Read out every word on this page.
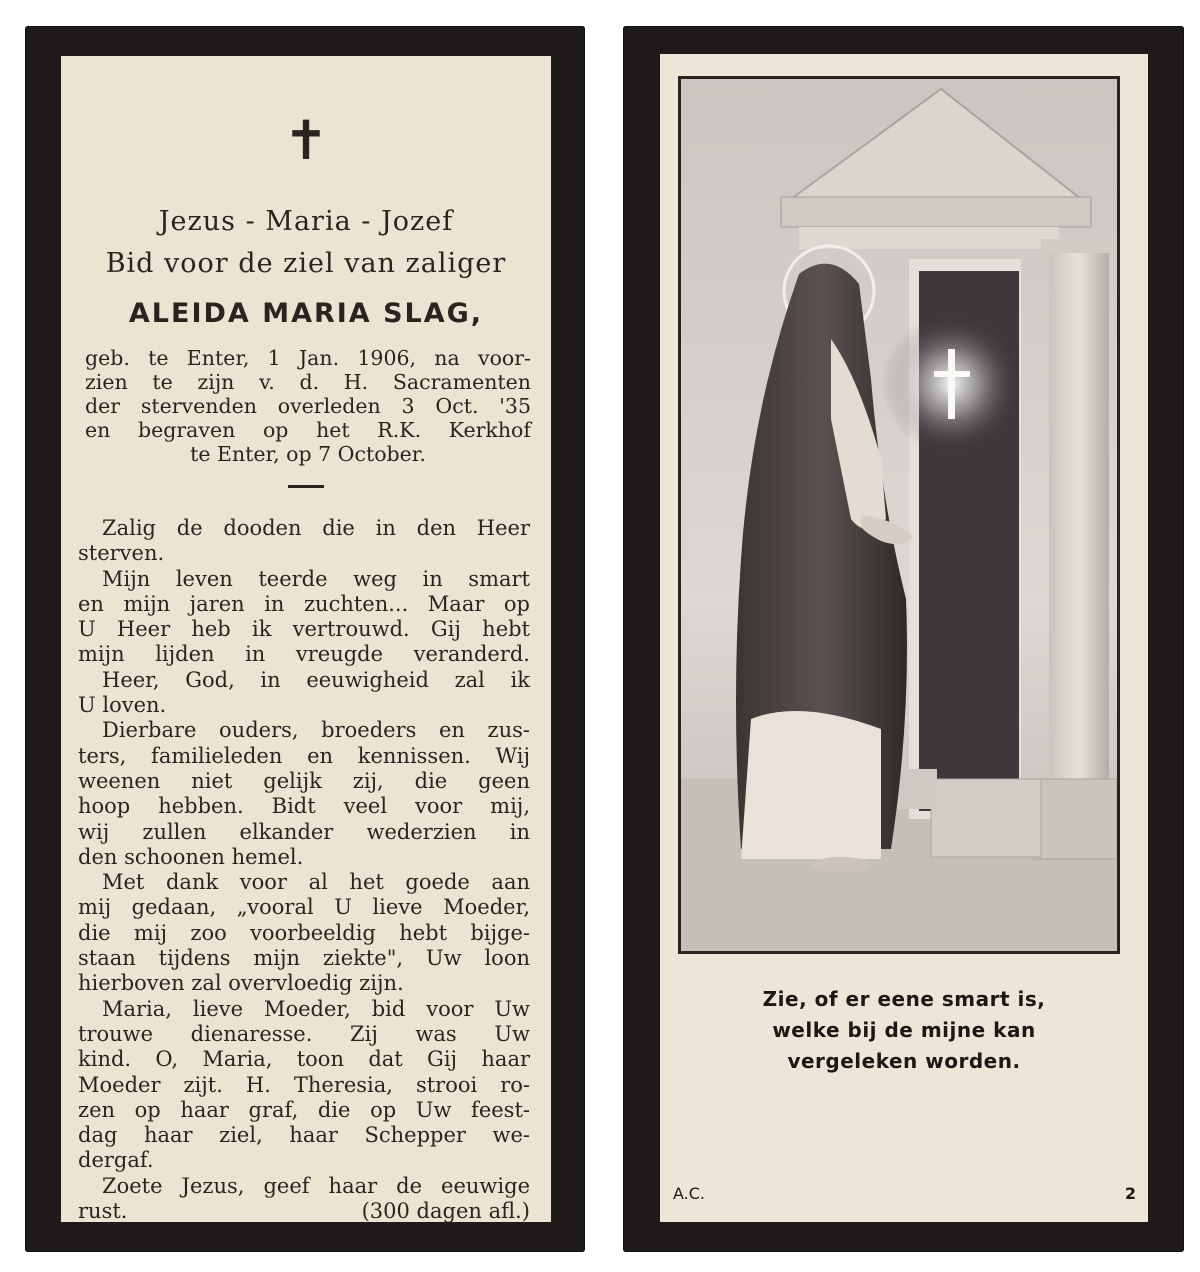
✝
Jezus - Maria - Jozef
Bid voor de ziel van zaliger
ALEIDA MARIA SLAG,
geb. te Enter, 1 Jan. 1906, na voor-
zien te zijn v. d. H. Sacramenten
der stervenden overleden 3 Oct. '35
en begraven op het R.K. Kerkhof
te Enter, op 7 October.
Zalig de dooden die in den Heer
sterven.
Mijn leven teerde weg in smart
en mijn jaren in zuchten... Maar op
U Heer heb ik vertrouwd. Gij hebt
mijn lijden in vreugde veranderd.
Heer, God, in eeuwigheid zal ik
U loven.
Dierbare ouders, broeders en zus-
ters, familieleden en kennissen. Wij
weenen niet gelijk zij, die geen
hoop hebben. Bidt veel voor mij,
wij zullen elkander wederzien in
den schoonen hemel.
Met dank voor al het goede aan
mij gedaan, „vooral U lieve Moeder,
die mij zoo voorbeeldig hebt bijge-
staan tijdens mijn ziekte", Uw loon
hierboven zal overvloedig zijn.
Maria, lieve Moeder, bid voor Uw
trouwe dienaresse. Zij was Uw
kind. O, Maria, toon dat Gij haar
Moeder zijt. H. Theresia, strooi ro-
zen op haar graf, die op Uw feest-
dag haar ziel, haar Schepper we-
dergaf.
Zoete Jezus, geef haar de eeuwige
rust.	(300 dagen afl.)
Zie, of er eene smart is,
welke bij de mijne kan
vergeleken worden.
A.C.	2
